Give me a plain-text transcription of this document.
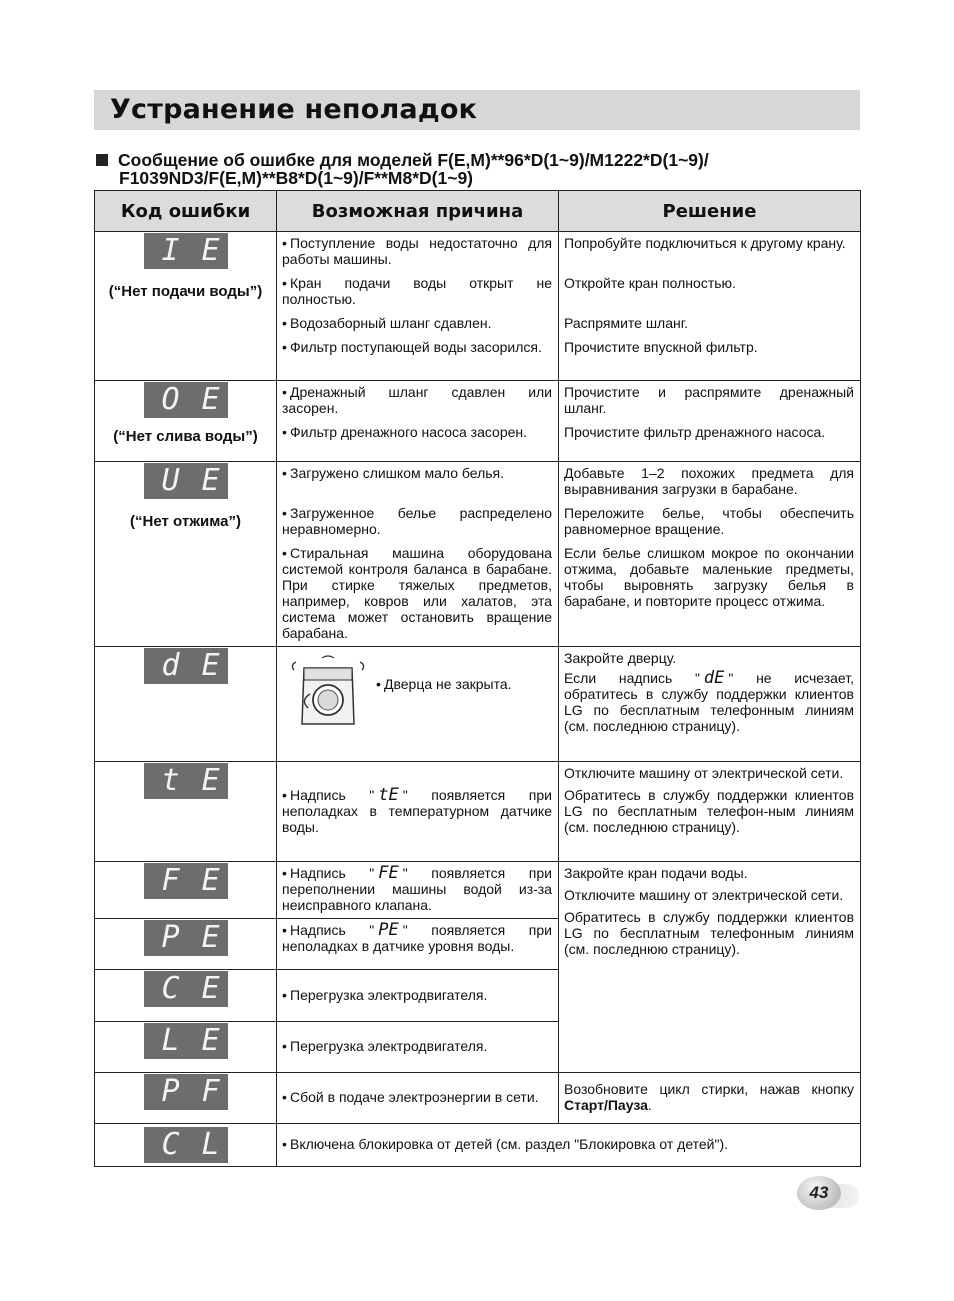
Устранение неполадок
Сообщение об ошибке для моделей F(E,M)**96*D(1~9)/M1222*D(1~9)/
F1039ND3/F(E,M)**B8*D(1~9)/F**M8*D(1~9)
Код ошибки	Возможная причина	Решение
IE
(“Нет подачи воды”)	• Поступление воды недостаточно для работы машины.	Попробуйте подключиться к другому крану.

	• Кран подачи воды открыт не полностью.	Откройте кран полностью.

	• Водозаборный шланг сдавлен.	Распрямите шланг.

	• Фильтр поступающей воды засорился.	Прочистите впускной фильтр.

OE
(“Нет слива воды”)	• Дренажный шланг сдавлен или засорен.	Прочистите и распрямите дренажный шланг.

	• Фильтр дренажного насоса засорен.	Прочистите фильтр дренажного насоса.

UE
(“Нет отжима”)	• Загружено слишком мало белья.	Добавьте 1–2 похожих предмета для выравнивания загрузки в барабане.

	• Загруженное белье распределено неравномерно.	Переложите белье, чтобы обеспечить равномерное вращение.

	• Стиральная машина оборудована системой контроля баланса в барабане. При стирке тяжелых предметов, например, ковров или халатов, эта система может остановить вращение барабана.	Если белье слишком мокрое по окончании отжима, добавьте маленькие предметы, чтобы выровнять загрузку белья в барабане, и повторите процесс отжима.

dE	• Дверца не закрыта.	Закройте дверцу.
Если надпись " dE " не исчезает, обратитесь в службу поддержки клиентов LG по бесплатным телефонным линиям (см. последнюю страницу).

tE	• Надпись " tE " появляется при неполадках в температурном датчике воды.	Отключите машину от электрической сети.
Обратитесь в службу поддержки клиентов LG по бесплатным телефон-ным линиям (см. последнюю страницу).

FE	• Надпись " FE " появляется при переполнении машины водой из-за неисправного клапана.	Закройте кран подачи воды.
Отключите машину от электрической сети.
Обратитесь в службу поддержки клиентов LG по бесплатным телефонным линиям (см. последнюю страницу).

PE	• Надпись " PE " появляется при неполадках в датчике уровня воды.	

CE	• Перегрузка электродвигателя.	

LE	• Перегрузка электродвигателя.	

PF	• Сбой в подаче электроэнергии в сети.	Возобновите цикл стирки, нажав кнопку Старт/Пауза.
CL	• Включена блокировка от детей (см. раздел "Блокировка от детей").
43
